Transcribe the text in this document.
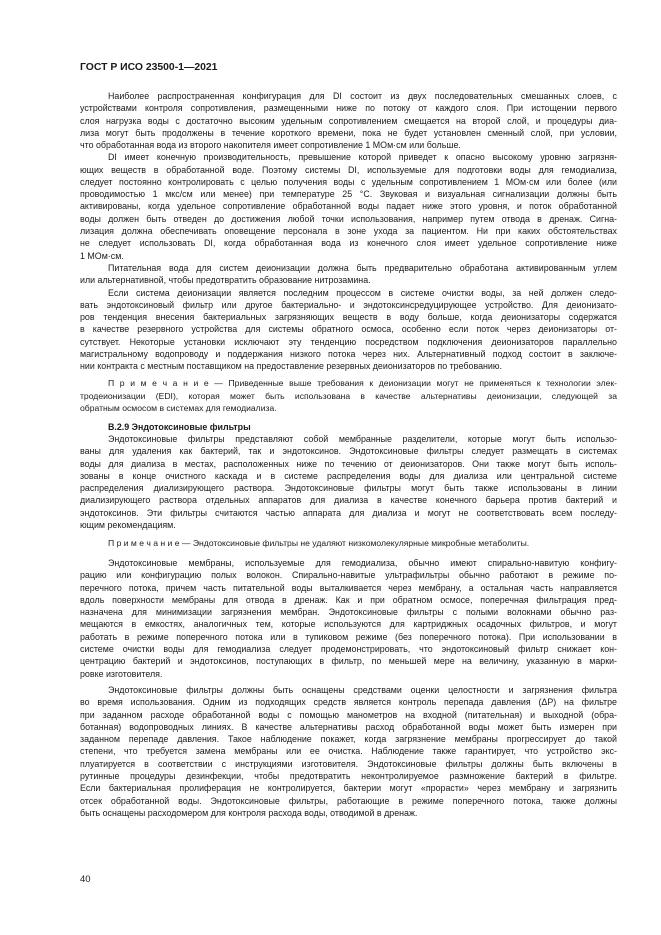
ГОСТ Р ИСО 23500-1—2021
Наиболее распространенная конфигурация для DI состоит из двух последовательных смешанных слоев, с
устройствами контроля сопротивления, размещенными ниже по потоку от каждого слоя. При истощении первого
слоя нагрузка воды с достаточно высоким удельным сопротивлением смещается на второй слой, и процедуры диа-
лиза могут быть продолжены в течение короткого времени, пока не будет установлен сменный слой, при условии,
что обработанная вода из второго накопителя имеет сопротивление 1 МОм·см или больше.
DI имеет конечную производительность, превышение которой приведет к опасно высокому уровню загрязня-
ющих веществ в обработанной воде. Поэтому системы DI, используемые для подготовки воды для гемодиализа,
следует постоянно контролировать с целью получения воды с удельным сопротивлением 1 МОм·см или более (или
проводимостью 1 мкс/см или менее) при температуре 25 °С. Звуковая и визуальная сигнализации должны быть
активированы, когда удельное сопротивление обработанной воды падает ниже этого уровня, и поток обработанной
воды должен быть отведен до достижения любой точки использования, например путем отвода в дренаж. Сигна-
лизация должна обеспечивать оповещение персонала в зоне ухода за пациентом. Ни при каких обстоятельствах
не следует использовать DI, когда обработанная вода из конечного слоя имеет удельное сопротивление ниже
1 МОм·см.
Питательная вода для систем деионизации должна быть предварительно обработана активированным углем
или альтернативной, чтобы предотвратить образование нитрозамина.
Если система деионизации является последним процессом в системе очистки воды, за ней должен следо-
вать эндотоксиновый фильтр или другое бактериально- и эндотоксинсредуцирующее устройство. Для деионизато-
ров тенденция внесения бактериальных загрязняющих веществ в воду больше, когда деионизаторы содержатся
в качестве резервного устройства для системы обратного осмоса, особенно если поток через деионизаторы от-
сутствует. Некоторые установки исключают эту тенденцию посредством подключения деионизаторов параллельно
магистральному водопроводу и поддержания низкого потока через них. Альтернативный подход состоит в заключе-
нии контракта с местным поставщиком на предоставление резервных деионизаторов по требованию.
П р и м е ч а н и е — Приведенные выше требования к деионизации могут не применяться к технологии элек-
тродеионизации (EDI), которая может быть использована в качестве альтернативы деионизации, следующей за
обратным осмосом в системах для гемодиализа.
В.2.9 Эндотоксиновые фильтры
Эндотоксиновые фильтры представляют собой мембранные разделители, которые могут быть использо-
ваны для удаления как бактерий, так и эндотоксинов. Эндотоксиновые фильтры следует размещать в системах
воды для диализа в местах, расположенных ниже по течению от деионизаторов. Они также могут быть исполь-
зованы в конце очистного каскада и в системе распределения воды для диализа или центральной системе
распределения диализирующего раствора. Эндотоксиновые фильтры могут быть также использованы в линии
диализирующего раствора отдельных аппаратов для диализа в качестве конечного барьера против бактерий и
эндотоксинов. Эти фильтры считаются частью аппарата для диализа и могут не соответствовать всем последу-
ющим рекомендациям.
П р и м е ч а н и е — Эндотоксиновые фильтры не удаляют низкомолекулярные микробные метаболиты.
Эндотоксиновые мембраны, используемые для гемодиализа, обычно имеют спирально-навитую конфигу-
рацию или конфигурацию полых волокон. Спирально-навитые ультрафильтры обычно работают в режиме по-
перечного потока, причем часть питательной воды выталкивается через мембрану, а остальная часть направляется
вдоль поверхности мембраны для отвода в дренаж. Как и при обратном осмосе, поперечная фильтрация пред-
назначена для минимизации загрязнения мембран. Эндотоксиновые фильтры с полыми волокнами обычно раз-
мещаются в емкостях, аналогичных тем, которые используются для картриджных осадочных фильтров, и могут
работать в режиме поперечного потока или в тупиковом режиме (без поперечного потока). При использовании в
системе очистки воды для гемодиализа следует продемонстрировать, что эндотоксиновый фильтр снижает кон-
центрацию бактерий и эндотоксинов, поступающих в фильтр, по меньшей мере на величину, указанную в марки-
ровке изготовителя.
Эндотоксиновые фильтры должны быть оснащены средствами оценки целостности и загрязнения фильтра
во время использования. Одним из подходящих средств является контроль перепада давления (ΔP) на фильтре
при заданном расходе обработанной воды с помощью манометров на входной (питательная) и выходной (обра-
ботанная) водопроводных линиях. В качестве альтернативы расход обработанной воды может быть измерен при
заданном перепаде давления. Такое наблюдение покажет, когда загрязнение мембраны прогрессирует до такой
степени, что требуется замена мембраны или ее очистка. Наблюдение также гарантирует, что устройство экс-
плуатируется в соответствии с инструкциями изготовителя. Эндотоксиновые фильтры должны быть включены в
рутинные процедуры дезинфекции, чтобы предотвратить неконтролируемое размножение бактерий в фильтре.
Если бактериальная пролиферация не контролируется, бактерии могут «прорасти» через мембрану и загрязнить
отсек обработанной воды. Эндотоксиновые фильтры, работающие в режиме поперечного потока, также должны
быть оснащены расходомером для контроля расхода воды, отводимой в дренаж.
40
